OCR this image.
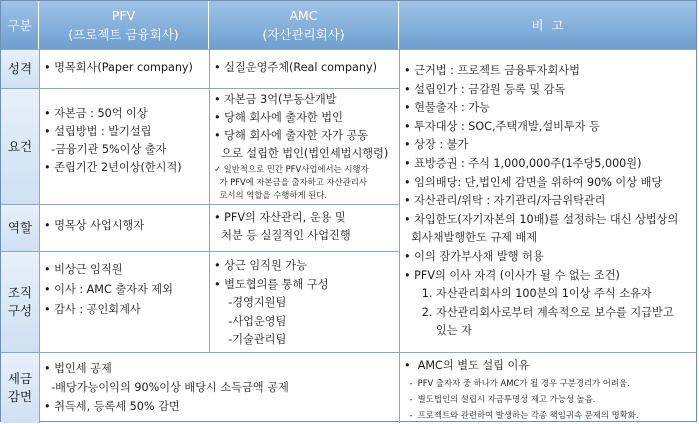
구분
PFV
(프로젝트 금융회사)
AMC
(자산관리회사)
비  고
성격
요건
역할
조직
구성
세금
감면
• 명목회사(Paper company)
• 자본금 : 50억 이상
• 설립방법 : 발기설립
-금융기관 5%이상 출자
• 존립기간 2년이상(한시적)
• 명목상 사업시행자
• 비상근 임직원
• 이사 : AMC 출자자 제외
• 감사 : 공인회계사
• 법인세 공제
-배당가능이익의 90%이상 배당시 소득금액 공제
• 취득세, 등록세 50% 감면
• 실질운영주체(Real company)
• 자본금 3억(부동산개발
• 당해 회사에 출자한 법인
• 당해 회사에 출자한 자가 공동
으로 설립한 법인(법인세법시행령)
✓ 일반적으로 민간 PFV사업에서는 시행자
가 PFV에 자본금을 출자하고 자산관리사
로서의 역할을 수행하게 된다.
• PFV의 자산관리, 운용 및
처분 등 실질적인 사업진행
• 상근 임직원 가능
• 별도협의를 통해 구성
-경영지원팀
-사업운영팀
-기술관리팀
• 근거법 : 프로젝트 금융투자회사법
• 설립인가 : 금감원 등록 및 감독
• 현물출자 : 가능
• 투자대상 : SOC,주택개발,설비투자 등
• 상장 : 불가
• 표방증권 : 주식 1,000,000주(1주당5,000원)
• 임의배당: 단,법인세 감면을 위하여 90% 이상 배당
• 자산관리/위탁 : 자기관리/자금위탁관리
• 차입한도(자기자본의 10배)를 설정하는 대신 상법상의
회사채발행한도 규제 배제
• 이의 잠가부사채 발행 허용
• PFV의 이사 자격 (이사가 될 수 없는 조건)
1. 자산관리회사의 100분의 1이상 주식 소유자
2. 자산관리회사로부터 계속적으로 보수를 지급받고
있는 자
•  AMC의 별도 설립 이유
-  PFV 출자자 중 하나가 AMC가 될 경우 구분경리가 어려움.
-  별도법인의 설립시 자금투명성 제고 가능성 높음.
-  프로젝트와 관련하여 발생하는 각종 책임귀속 문제의 명확화.
